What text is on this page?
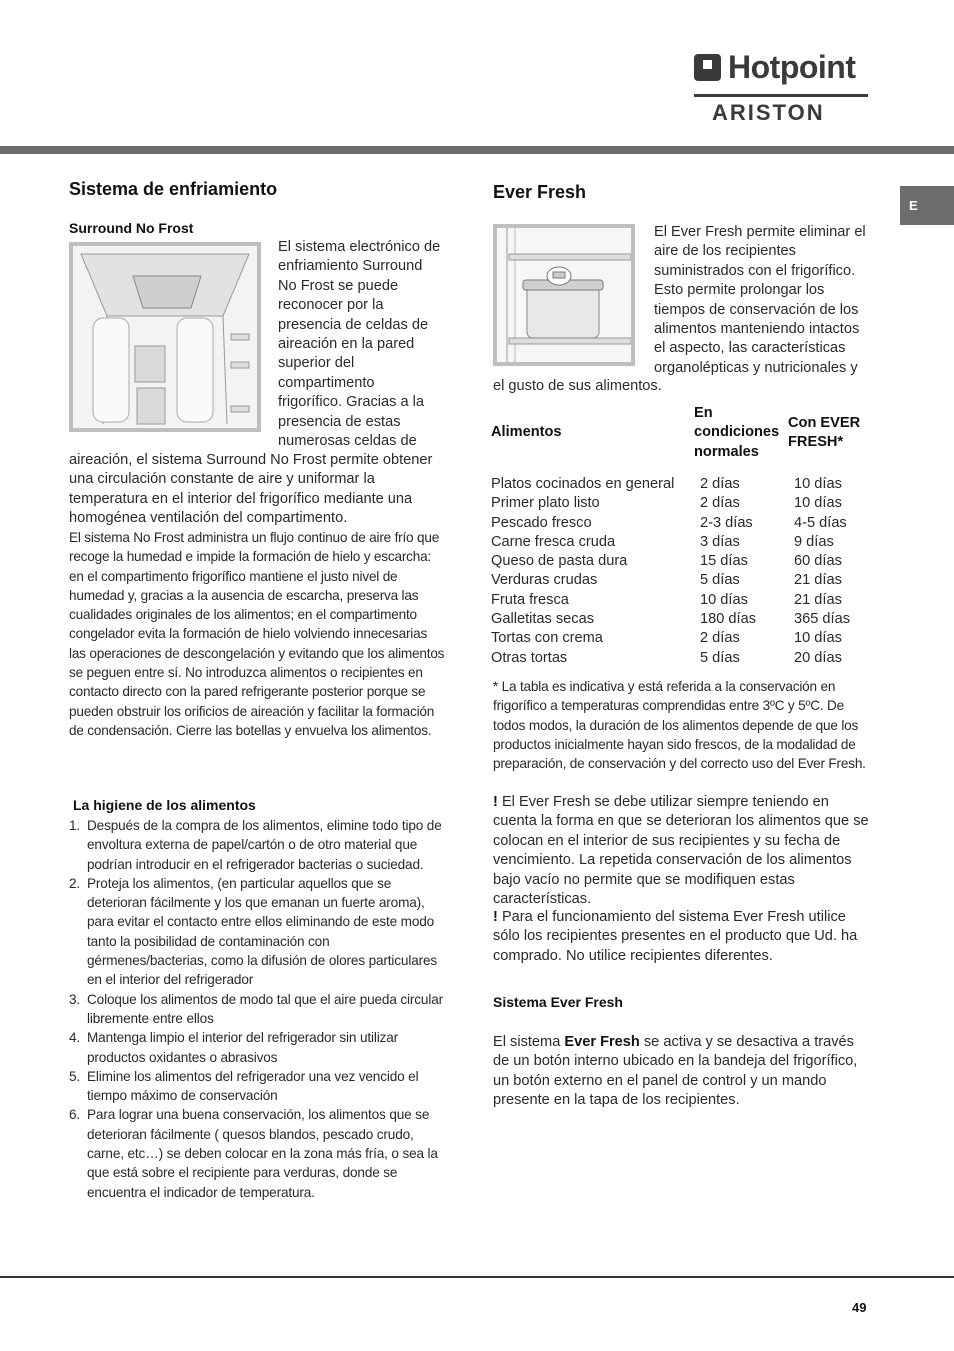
Hotpoint
ARISTON
E
Sistema de enfriamiento
Surround No Frost
El sistema electrónico de
enfriamiento Surround
No Frost se puede
reconocer por la
presencia de celdas de
aireación en la pared
superior del
compartimento
frigorífico. Gracias a la
presencia de estas
numerosas celdas de

aireación, el sistema Surround No Frost permite obtener una circulación constante de aire y uniformar la temperatura en el interior del frigorífico mediante una homogénea ventilación del compartimento.

El sistema No Frost administra un flujo continuo de aire frío que recoge la humedad e impide la formación de hielo y escarcha: en el compartimento frigorífico mantiene el justo nivel de humedad y, gracias a la ausencia de escarcha, preserva las cualidades originales de los alimentos; en el compartimento congelador evita la formación de hielo volviendo innecesarias las operaciones de descongelación y evitando que los alimentos se peguen entre sí. No introduzca alimentos o recipientes en contacto directo con la pared refrigerante posterior porque se pueden obstruir los orificios de aireación y facilitar la formación de condensación. Cierre las botellas y envuelva los alimentos.

La higiene de los alimentos
1. Después de la compra de los alimentos, elimine todo tipo de envoltura externa de papel/cartón o de otro material que podrían introducir en el refrigerador bacterias o suciedad.
2. Proteja los alimentos, (en particular aquellos que se deterioran fácilmente y los que emanan un fuerte aroma), para evitar el contacto entre ellos eliminando de este modo tanto la posibilidad de contaminación con gérmenes/bacterias, como la difusión de olores particulares en el interior del refrigerador
3. Coloque los alimentos de modo tal que el aire pueda circular libremente entre ellos
4. Mantenga limpio el interior del refrigerador sin utilizar productos oxidantes o abrasivos
5. Elimine los alimentos del refrigerador una vez vencido el tiempo máximo de conservación
6. Para lograr una buena conservación, los alimentos que se deterioran fácilmente ( quesos blandos, pescado crudo, carne, etc…) se deben colocar en la zona más fría, o sea la que está sobre el recipiente para verduras, donde se encuentra el indicador de temperatura.
Ever Fresh
El Ever Fresh permite eliminar el
aire de los recipientes
suministrados con el frigorífico.
Esto permite prolongar los
tiempos de conservación de los
alimentos manteniendo intactos
el aspecto, las características
organolépticas y nutricionales y

el gusto de sus alimentos.

Alimentos	En condiciones normales	Con EVER FRESH*

Platos cocinados en general	2 días	10 días
Primer plato listo	2 días	10 días
Pescado fresco	2-3 días	4-5 días
Carne fresca cruda	3 días	9 días
Queso de pasta dura	15 días	60 días
Verduras crudas	5 días	21 días
Fruta fresca	10 días	21 días
Galletitas secas	180 días	365 días
Tortas con crema	2 días	10 días
Otras tortas	5 días	20 días

* La tabla es indicativa y está referida a la conservación en frigorífico a temperaturas comprendidas entre 3ºC y 5ºC. De todos modos, la duración de los alimentos depende de que los productos inicialmente hayan sido frescos, de la modalidad de preparación, de conservación y del correcto uso del Ever Fresh.

! El Ever Fresh se debe utilizar siempre teniendo en cuenta la forma en que se deterioran los alimentos que se colocan en el interior de sus recipientes y su fecha de vencimiento. La repetida conservación de los alimentos bajo vacío no permite que se modifiquen estas características.

! Para el funcionamiento del sistema Ever Fresh utilice sólo los recipientes presentes en el producto que Ud. ha comprado. No utilice recipientes diferentes.

Sistema Ever Fresh

El sistema Ever Fresh se activa y se desactiva a través de un botón interno ubicado en la bandeja del frigorífico, un botón externo en el panel de control y un mando presente en la tapa de los recipientes.

49
